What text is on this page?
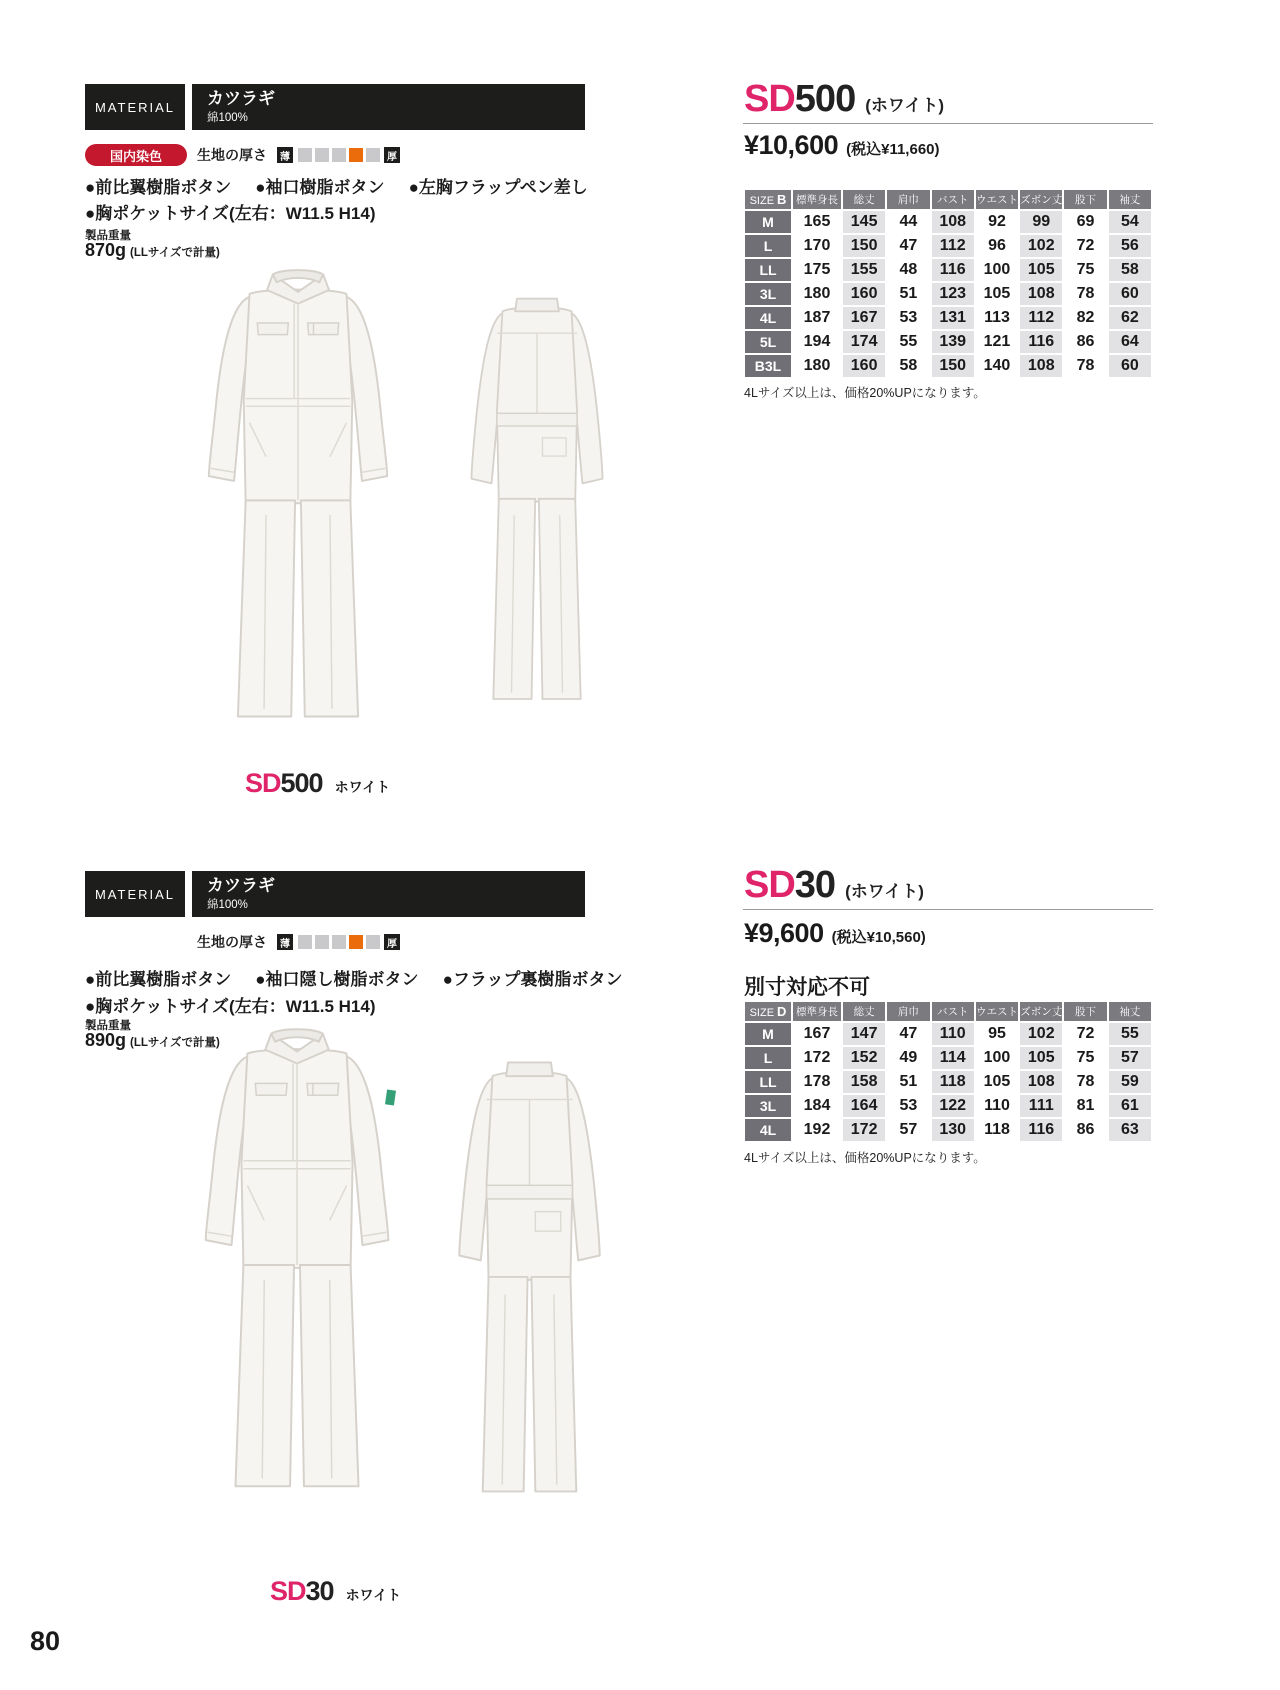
MATERIAL	カツラギ
綿100%
国内染色	生地の厚さ	薄	厚
●前比翼樹脂ボタン ●袖口樹脂ボタン ●左胸フラップペン差し
●胸ポケットサイズ(左右：W11.5 H14)
製品重量
870g (LLサイズで計量)
SD 500 ホワイト
SD 500 (ホワイト)
¥10,600 (税込¥11,660)
SIZE B	標準身長	総丈	肩巾	バスト	ウエスト	ズボン丈	股下	袖丈
M	165	145	44	108	92	99	69	54
L	170	150	47	112	96	102	72	56
LL	175	155	48	116	100	105	75	58
3L	180	160	51	123	105	108	78	60
4L	187	167	53	131	113	112	82	62
5L	194	174	55	139	121	116	86	64
B3L	180	160	58	150	140	108	78	60
4Lサイズ以上は、価格20%UPになります。
MATERIAL	カツラギ
綿100%
生地の厚さ	薄	厚
●前比翼樹脂ボタン ●袖口隠し樹脂ボタン ●フラップ裏樹脂ボタン
●胸ポケットサイズ(左右：W11.5 H14)
製品重量
890g (LLサイズで計量)
SD 30 ホワイト
SD 30 (ホワイト)
¥9,600 (税込¥10,560)
別寸対応不可
SIZE D	標準身長	総丈	肩巾	バスト	ウエスト	ズボン丈	股下	袖丈
M	167	147	47	110	95	102	72	55
L	172	152	49	114	100	105	75	57
LL	178	158	51	118	105	108	78	59
3L	184	164	53	122	110	111	81	61
4L	192	172	57	130	118	116	86	63
4Lサイズ以上は、価格20%UPになります。
80
